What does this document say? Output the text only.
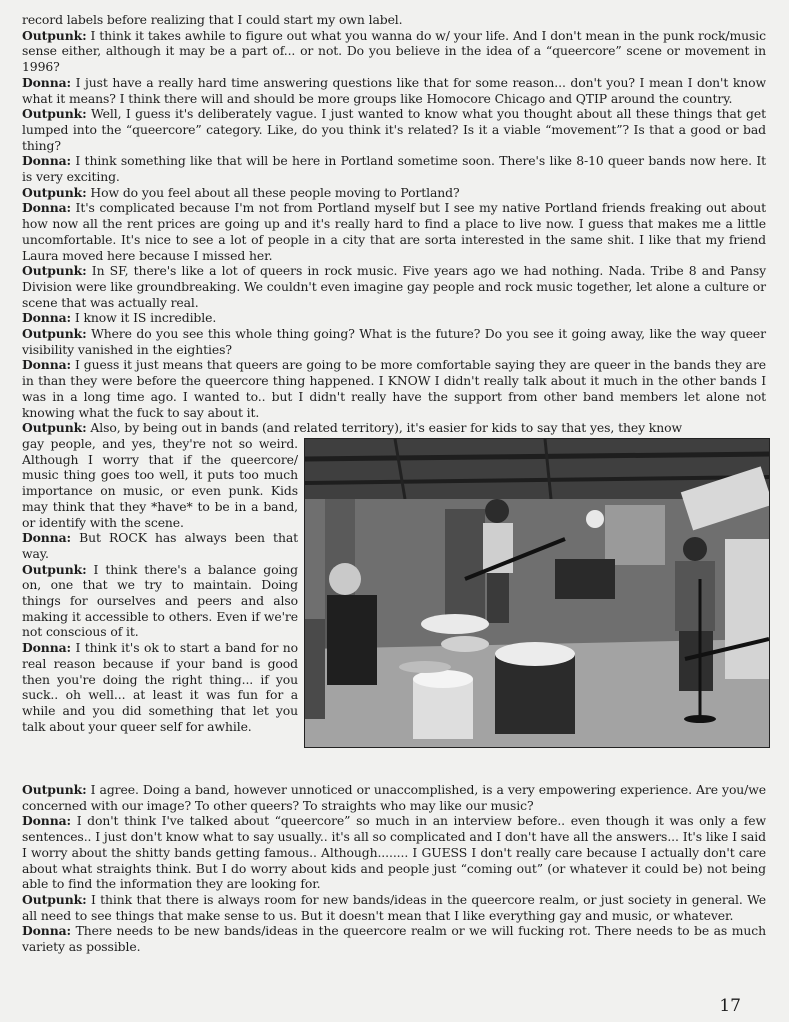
record labels before realizing that I could start my own label.

Outpunk: I think it takes awhile to figure out what you wanna do w/ your life. And I don't mean in the punk rock/music sense either, although it may be a part of... or not. Do you believe in the idea of a “queercore” scene or movement in 1996?

Donna: I just have a really hard time answering questions like that for some reason... don't you? I mean I don't know what it means? I think there will and should be more groups like Homocore Chicago and QTIP around the country.

Outpunk: Well, I guess it's deliberately vague. I just wanted to know what you thought about all these things that get lumped into the “queercore” category. Like, do you think it's related? Is it a viable “movement”? Is that a good or bad thing?

Donna: I think something like that will be here in Portland sometime soon. There's like 8-10 queer bands now here. It is very exciting.

Outpunk: How do you feel about all these people moving to Portland?

Donna: It's complicated because I'm not from Portland myself but I see my native Portland friends freaking out about how now all the rent prices are going up and it's really hard to find a place to live now. I guess that makes me a little uncomfortable. It's nice to see a lot of people in a city that are sorta interested in the same shit. I like that my friend Laura moved here because I missed her.

Outpunk: In SF, there's like a lot of queers in rock music. Five years ago we had nothing. Nada. Tribe 8 and Pansy Division were like groundbreaking. We couldn't even imagine gay people and rock music together, let alone a culture or scene that was actually real.

Donna: I know it IS incredible.

Outpunk: Where do you see this whole thing going? What is the future? Do you see it going away, like the way queer visibility vanished in the eighties?

Donna: I guess it just means that queers are going to be more comfortable saying they are queer in the bands they are in than they were before the queercore thing happened. I KNOW I didn't really talk about it much in the other bands I was in a long time ago. I wanted to.. but I didn't really have the support from other band members let alone not knowing what the fuck to say about it.

Outpunk: Also, by being out in bands (and related territory), it's easier for kids to say that yes, they know

gay people, and yes, they're not so weird. Although I worry that if the queercore/ music thing goes too well, it puts too much importance on music, or even punk. Kids may think that they *have* to be in a band, or identify with the scene.

Donna: But ROCK has always been that way.

Outpunk: I think there's a balance going on, one that we try to maintain. Doing things for ourselves and peers and also making it accessible to others. Even if we're not conscious of it.

Donna: I think it's ok to start a band for no real reason because if your band is good then you're doing the right thing... if you suck.. oh well... at least it was fun for a while and you did something that let you talk about your queer self for awhile.

Outpunk: I agree. Doing a band, however unnoticed or unaccomplished, is a very empowering experience. Are you/we concerned with our image? To other queers? To straights who may like our music?

Donna: I don't think I've talked about “queercore” so much in an interview before.. even though it was only a few sentences.. I just don't know what to say usually.. it's all so complicated and I don't have all the answers... It's like I said I worry about the shitty bands getting famous.. Although........ I GUESS I don't really care because I actually don't care about what straights think. But I do worry about kids and people just “coming out” (or whatever it could be) not being able to find the information they are looking for.

Outpunk: I think that there is always room for new bands/ideas in the queercore realm, or just society in general. We all need to see things that make sense to us. But it doesn't mean that I like everything gay and music, or whatever.

Donna: There needs to be new bands/ideas in the queercore realm or we will fucking rot. There needs to be as much variety as possible.

17
